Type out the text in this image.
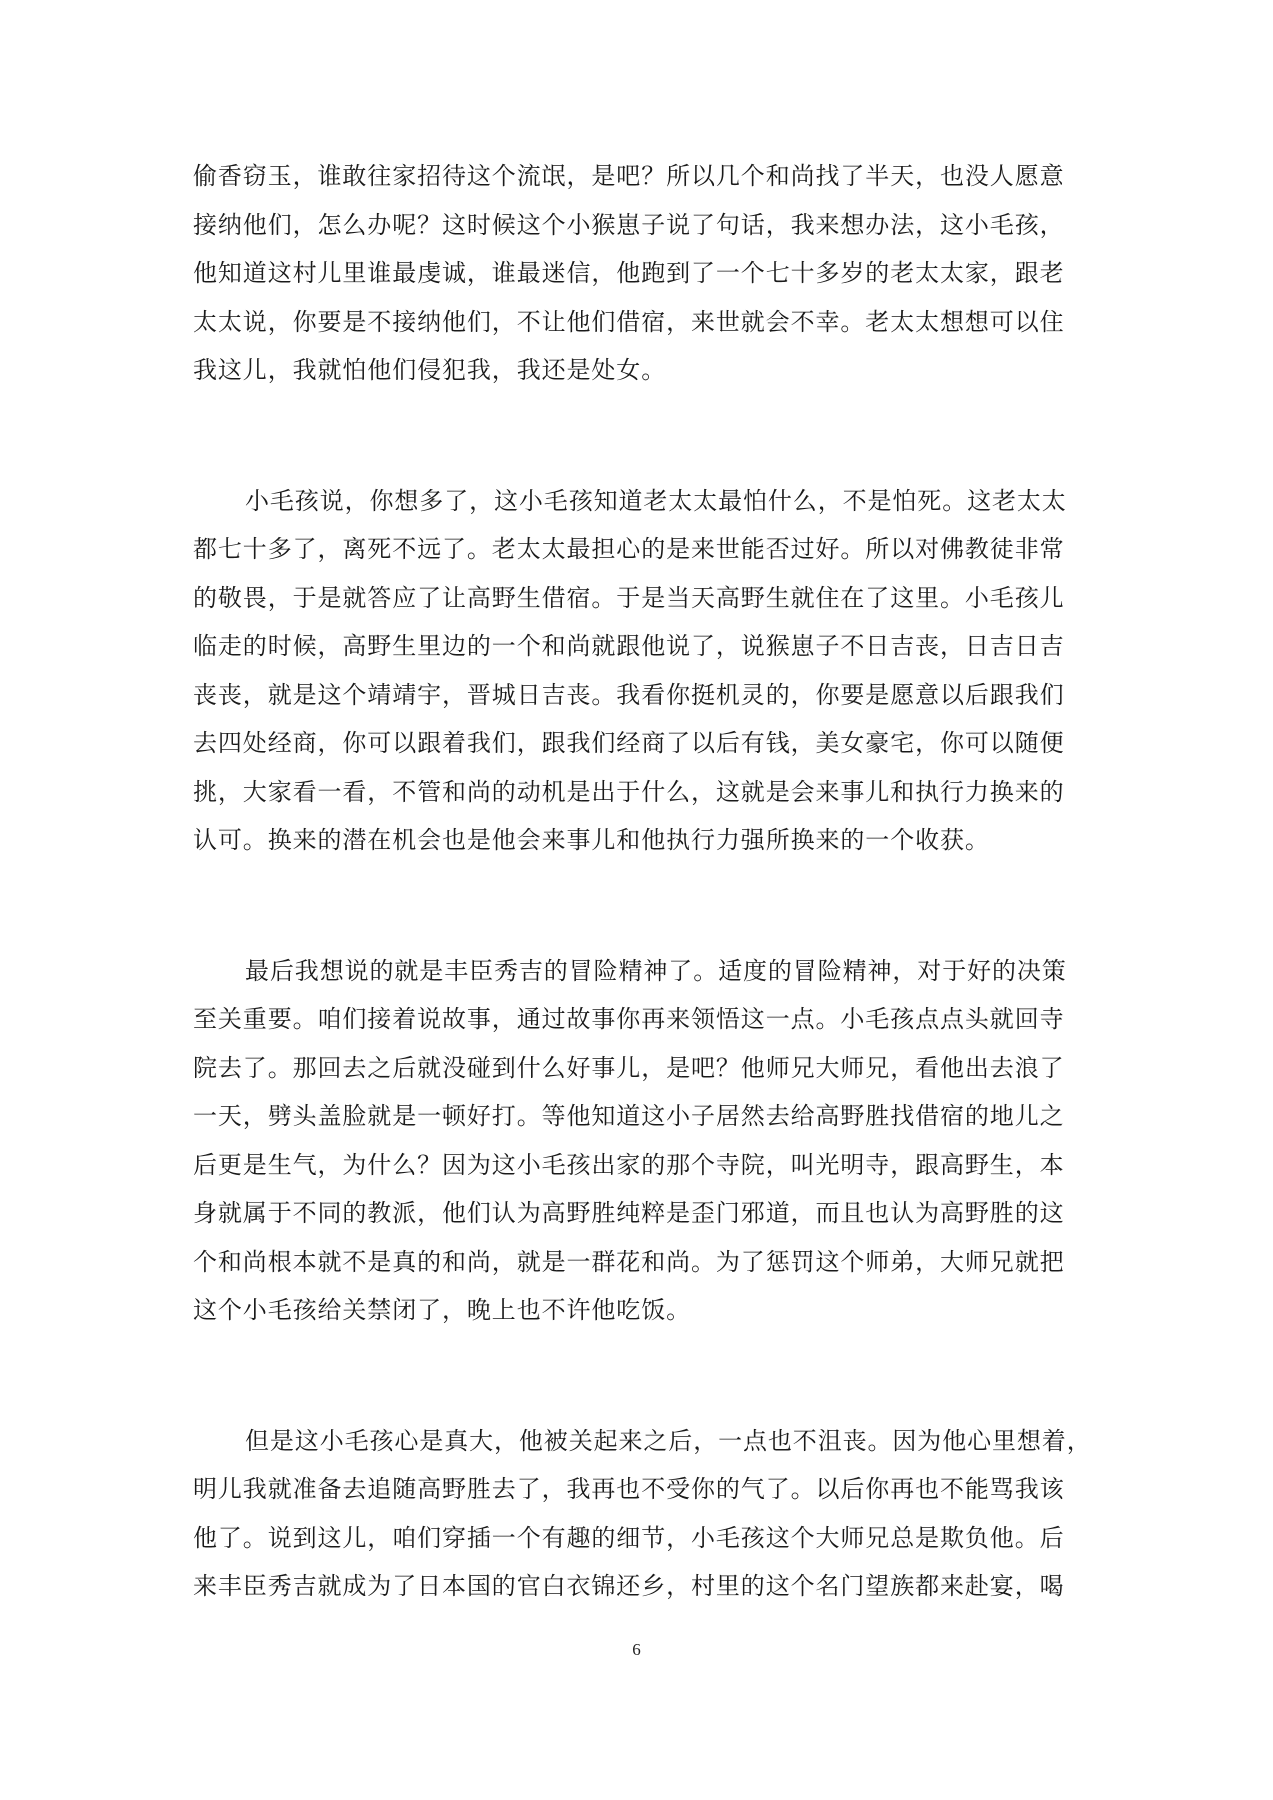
偷香窃玉，谁敢往家招待这个流氓，是吧？所以几个和尚找了半天，也没人愿意
接纳他们，怎么办呢？这时候这个小猴崽子说了句话，我来想办法，这小毛孩，
他知道这村儿里谁最虔诚，谁最迷信，他跑到了一个七十多岁的老太太家，跟老
太太说，你要是不接纳他们，不让他们借宿，来世就会不幸。老太太想想可以住
我这儿，我就怕他们侵犯我，我还是处女。
小毛孩说，你想多了，这小毛孩知道老太太最怕什么，不是怕死。这老太太
都七十多了，离死不远了。老太太最担心的是来世能否过好。所以对佛教徒非常
的敬畏，于是就答应了让高野生借宿。于是当天高野生就住在了这里。小毛孩儿
临走的时候，高野生里边的一个和尚就跟他说了，说猴崽子不日吉丧，日吉日吉
丧丧，就是这个靖靖宇，晋城日吉丧。我看你挺机灵的，你要是愿意以后跟我们
去四处经商，你可以跟着我们，跟我们经商了以后有钱，美女豪宅，你可以随便
挑，大家看一看，不管和尚的动机是出于什么，这就是会来事儿和执行力换来的
认可。换来的潜在机会也是他会来事儿和他执行力强所换来的一个收获。
最后我想说的就是丰臣秀吉的冒险精神了。适度的冒险精神，对于好的决策
至关重要。咱们接着说故事，通过故事你再来领悟这一点。小毛孩点点头就回寺
院去了。那回去之后就没碰到什么好事儿，是吧？他师兄大师兄，看他出去浪了
一天，劈头盖脸就是一顿好打。等他知道这小子居然去给高野胜找借宿的地儿之
后更是生气，为什么？因为这小毛孩出家的那个寺院，叫光明寺，跟高野生，本
身就属于不同的教派，他们认为高野胜纯粹是歪门邪道，而且也认为高野胜的这
个和尚根本就不是真的和尚，就是一群花和尚。为了惩罚这个师弟，大师兄就把
这个小毛孩给关禁闭了，晚上也不许他吃饭。
但是这小毛孩心是真大，他被关起来之后，一点也不沮丧。因为他心里想着，
明儿我就准备去追随高野胜去了，我再也不受你的气了。以后你再也不能骂我该
他了。说到这儿，咱们穿插一个有趣的细节，小毛孩这个大师兄总是欺负他。后
来丰臣秀吉就成为了日本国的官白衣锦还乡，村里的这个名门望族都来赴宴，喝
6
